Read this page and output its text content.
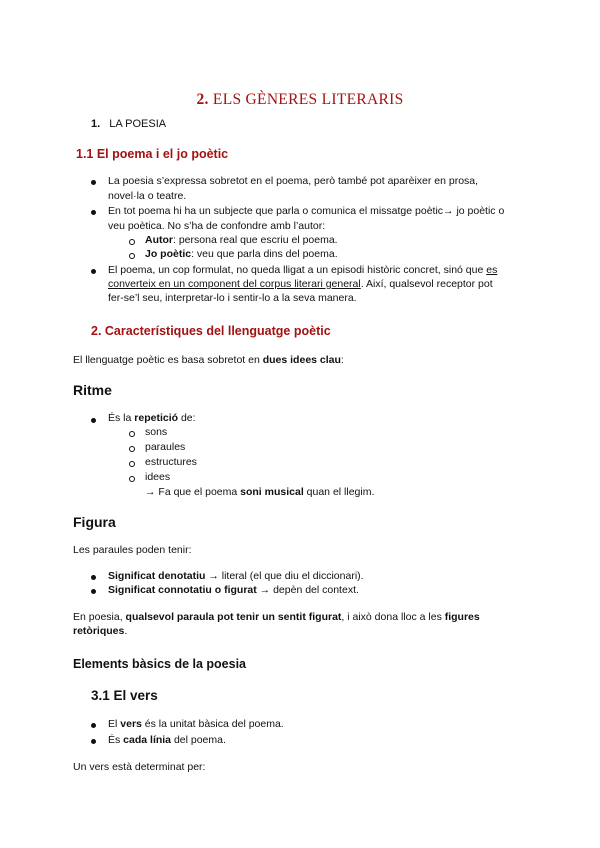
2. ELS GÈNERES LITERARIS
1. LA POESIA
1.1 El poema i el jo poètic
La poesia s’expressa sobretot en el poema, però també pot aparèixer en prosa,
novel·la o teatre.
En tot poema hi ha un subjecte que parla o comunica el missatge poètic→ jo poètic o
veu poètica. No s’ha de confondre amb l’autor:
Autor: persona real que escriu el poema.
Jo poètic: veu que parla dins del poema.
El poema, un cop formulat, no queda lligat a un episodi històric concret, sinó que es
converteix en un component del corpus literari general. Així, qualsevol receptor pot
fer-se’l seu, interpretar-lo i sentir-lo a la seva manera.
2. Característiques del llenguatge poètic
El llenguatge poètic es basa sobretot en dues idees clau:
Ritme
És la repetició de:
sons
paraules
estructures
idees
→ Fa que el poema soni musical quan el llegim.
Figura
Les paraules poden tenir:
Significat denotatiu → literal (el que diu el diccionari).
Significat connotatiu o figurat → depèn del context.
En poesia, qualsevol paraula pot tenir un sentit figurat, i això dona lloc a les figures
retòriques.
Elements bàsics de la poesia
3.1 El vers
El vers és la unitat bàsica del poema.
És cada línia del poema.
Un vers està determinat per:
